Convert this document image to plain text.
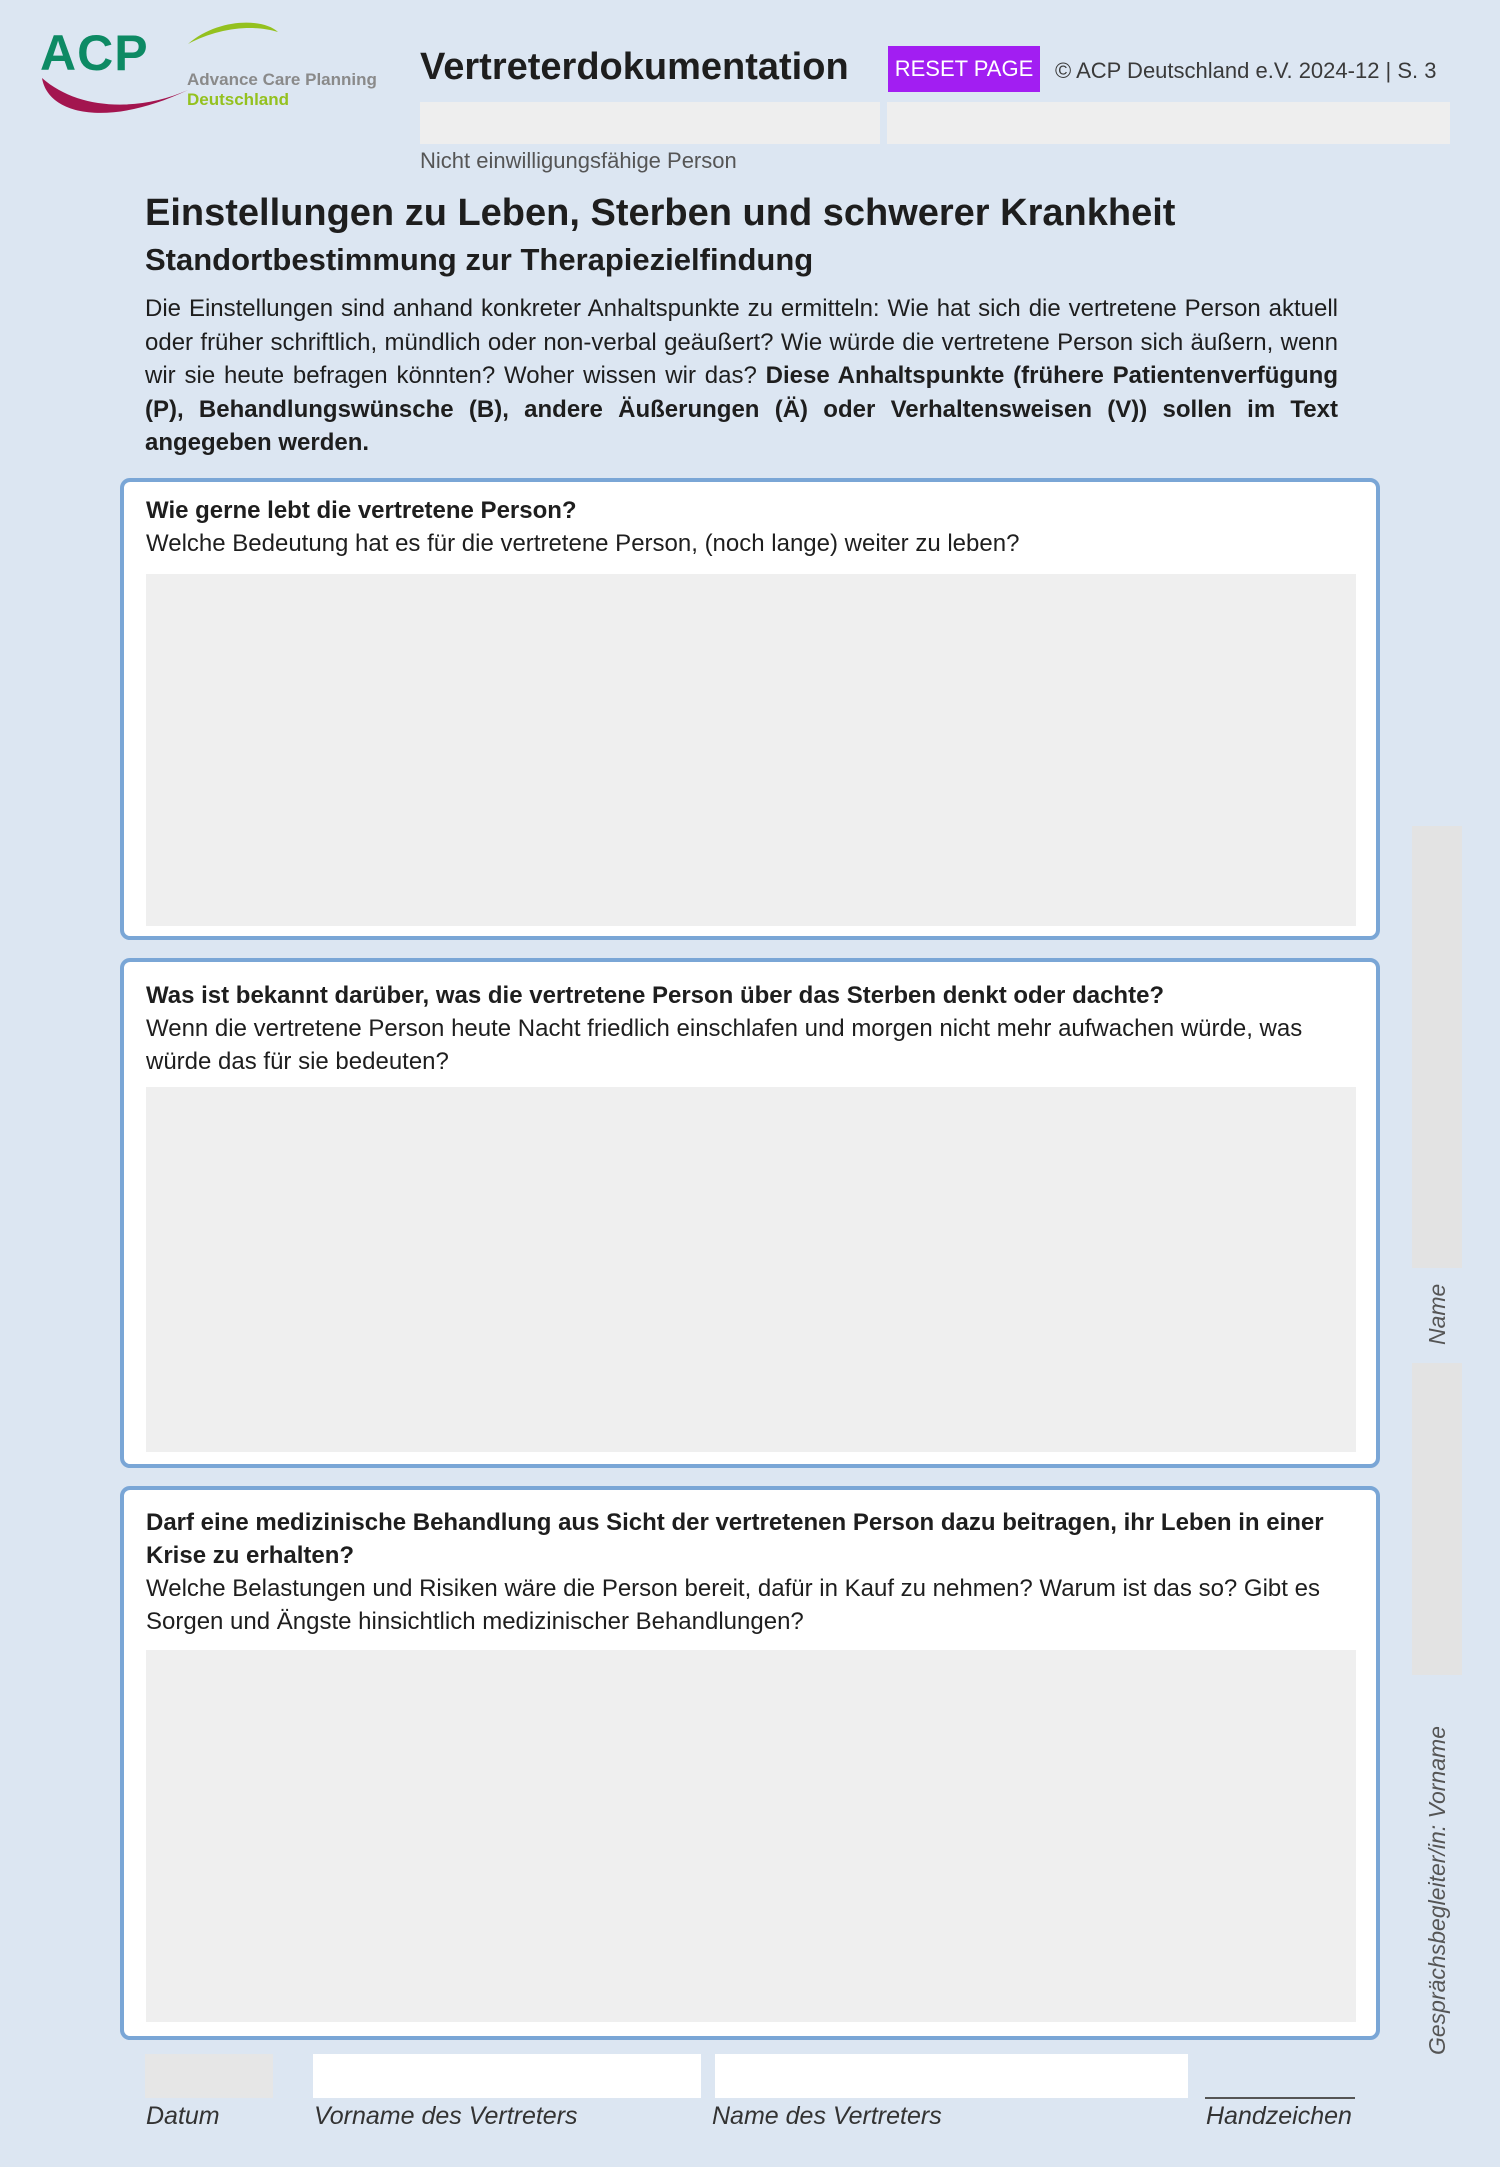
ACP Advance Care Planning
Deutschland
Vertreterdokumentation	RESET PAGE © ACP Deutschland e.V. 2024-12 | S. 3
Nicht einwilligungsfähige Person
Einstellungen zu Leben, Sterben und schwerer Krankheit
Standortbestimmung zur Therapiezielfindung
Die Einstellungen sind anhand konkreter Anhaltspunkte zu ermitteln: Wie hat sich die vertretene Person aktuell oder früher schriftlich, mündlich oder non-verbal geäußert? Wie würde die vertretene Person sich äußern, wenn wir sie heute befragen könnten? Woher wissen wir das? Diese Anhaltspunkte (frühere Patientenverfügung (P), Behandlungswünsche (B), andere Äußerungen (Ä) oder Verhaltensweisen (V)) sollen im Text angegeben werden.
Wie gerne lebt die vertretene Person?
Welche Bedeutung hat es für die vertretene Person, (noch lange) weiter zu leben?
Was ist bekannt darüber, was die vertretene Person über das Sterben denkt oder dachte?
Wenn die vertretene Person heute Nacht friedlich einschlafen und morgen nicht mehr aufwachen würde, was würde das für sie bedeuten?
Darf eine medizinische Behandlung aus Sicht der vertretenen Person dazu beitragen, ihr Leben in einer Krise zu erhalten?
Welche Belastungen und Risiken wäre die Person bereit, dafür in Kauf zu nehmen? Warum ist das so? Gibt es Sorgen und Ängste hinsichtlich medizinischer Behandlungen?
Name
Gesprächsbegleiter/in: Vorname
Datum	Vorname des Vertreters	Name des Vertreters	Handzeichen
